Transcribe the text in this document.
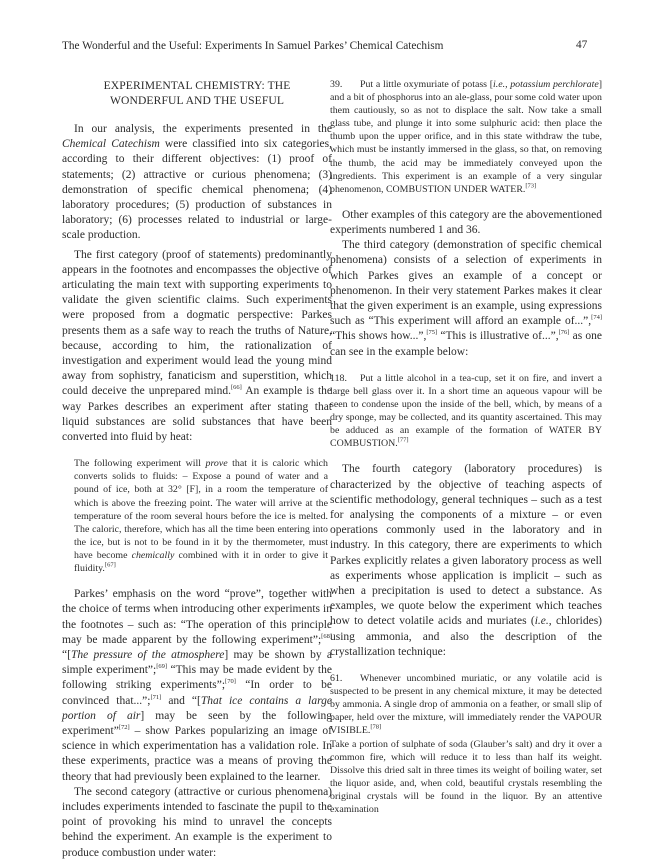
The Wonderful and the Useful: Experiments In Samuel Parkes’ Chemical Catechism	47
EXPERIMENTAL CHEMISTRY: THE
WONDERFUL AND THE USEFUL

In our analysis, the experiments presented in the Chemical Catechism were classified into six categories, according to their different objectives: (1) proof of statements; (2) attractive or curious phenomena; (3) demonstration of specific chemical phenomena; (4) laboratory procedures; (5) production of substances in laboratory; (6) processes related to industrial or large-scale production.

The first category (proof of statements) predominantly appears in the footnotes and encompasses the objective of articulating the main text with supporting experiments to validate the given scientific claims. Such experiments were proposed from a dogmatic perspective: Parkes presents them as a safe way to reach the truths of Nature, because, according to him, the rationalization of investigation and experiment would lead the young mind away from sophistry, fanaticism and superstition, which could deceive the unprepared mind.[66] An example is the way Parkes describes an experiment after stating that liquid substances are solid substances that have been converted into fluid by heat:

The following experiment will prove that it is caloric which converts solids to fluids: – Expose a pound of water and a pound of ice, both at 32° [F], in a room the temperature of which is above the freezing point. The water will arrive at the temperature of the room several hours before the ice is melted. The caloric, therefore, which has all the time been entering into the ice, but is not to be found in it by the thermometer, must have become chemically combined with it in order to give it fluidity.[67]

Parkes’ emphasis on the word “prove”, together with the choice of terms when introducing other experiments in the footnotes – such as: “The operation of this principle may be made apparent by the following experiment”;[68] “[The pressure of the atmosphere] may be shown by a simple experiment”;[69] “This may be made evident by the following striking experiments”;[70] “In order to be convinced that...”;[71] and “[That ice contains a large portion of air] may be seen by the following experiment”[72] – show Parkes popularizing an image of science in which experimentation has a validation role. In these experiments, practice was a means of proving the theory that had previously been explained to the learner.

The second category (attractive or curious phenomena) includes experiments intended to fascinate the pupil to the point of provoking his mind to unravel the concepts behind the experiment. An example is the experiment to produce combustion under water:

39. Put a little oxymuriate of potass [i.e., potassium perchlorate] and a bit of phosphorus into an ale-glass, pour some cold water upon them cautiously, so as not to displace the salt. Now take a small glass tube, and plunge it into some sulphuric acid: then place the thumb upon the upper orifice, and in this state withdraw the tube, which must be instantly immersed in the glass, so that, on removing the thumb, the acid may be immediately conveyed upon the ingredients. This experiment is an example of a very singular phenomenon, COMBUSTION UNDER WATER.[73]

Other examples of this category are the abovementioned experiments numbered 1 and 36.

The third category (demonstration of specific chemical phenomena) consists of a selection of experiments in which Parkes gives an example of a concept or phenomenon. In their very statement Parkes makes it clear that the given experiment is an example, using expressions such as “This experiment will afford an example of...”,[74] “This shows how...”,[75] “This is illustrative of...”,[76] as one can see in the example below:

118. Put a little alcohol in a tea-cup, set it on fire, and invert a large bell glass over it. In a short time an aqueous vapour will be seen to condense upon the inside of the bell, which, by means of a dry sponge, may be collected, and its quantity ascertained. This may be adduced as an example of the formation of WATER BY COMBUSTION.[77]

The fourth category (laboratory procedures) is characterized by the objective of teaching aspects of scientific methodology, general techniques – such as a test for analysing the components of a mixture – or even operations commonly used in the laboratory and in industry. In this category, there are experiments to which Parkes explicitly relates a given laboratory process as well as experiments whose application is implicit – such as when a precipitation is used to detect a substance. As examples, we quote below the experiment which teaches how to detect volatile acids and muriates (i.e., chlorides) using ammonia, and also the description of the crystallization technique:

61. Whenever uncombined muriatic, or any volatile acid is suspected to be present in any chemical mixture, it may be detected by ammonia. A single drop of ammonia on a feather, or small slip of paper, held over the mixture, will immediately render the VAPOUR VISIBLE.[78]

Take a portion of sulphate of soda (Glauber’s salt) and dry it over a common fire, which will reduce it to less than half its weight. Dissolve this dried salt in three times its weight of boiling water, set the liquor aside, and, when cold, beautiful crystals resembling the original crystals will be found in the liquor. By an attentive examination
